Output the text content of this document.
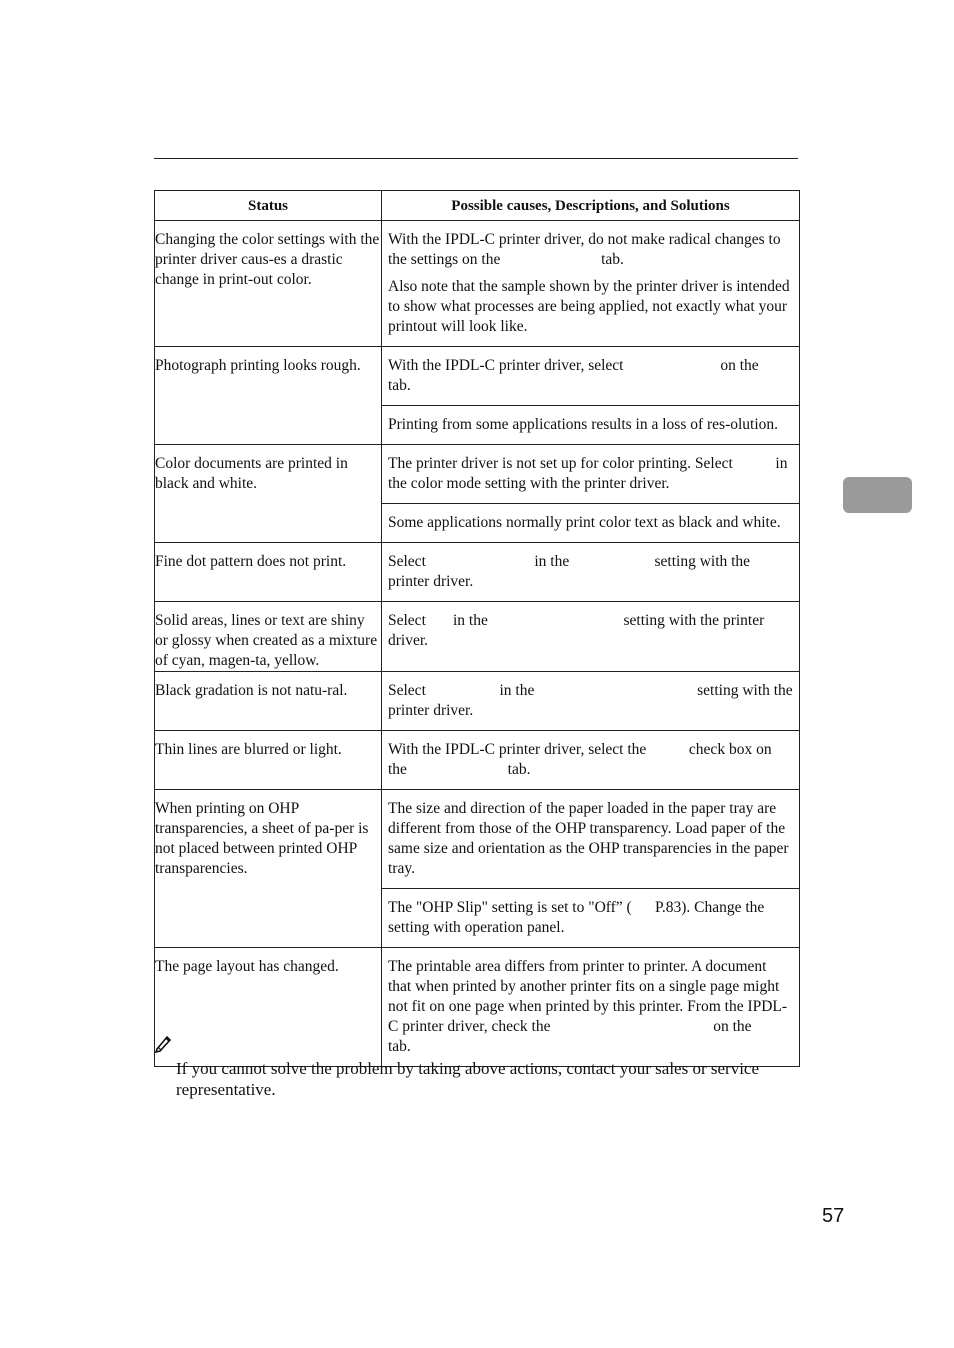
Status	Possible causes, Descriptions, and Solutions

Changing the color settings with the printer driver caus-es a drastic change in print-out color.	With the IPDL-C printer driver, do not make radical changes to the settings on the                          tab.
Also note that the sample shown by the printer driver is intended to show what processes are being applied, not exactly what your printout will look like.

Photograph printing looks rough.	With the IPDL-C printer driver, select                         on the                          tab.
Printing from some applications results in a loss of res-olution.

Color documents are printed in black and white.	The printer driver is not set up for color printing. Select           in the color mode setting with the printer driver.
Some applications normally print color text as black and white.

Fine dot pattern does not print.	Select                            in the                      setting with the printer driver.

Solid areas, lines or text are shiny or glossy when created as a mixture of cyan, magen-ta, yellow.	Select       in the                                   setting with the printer driver.

Black gradation is not natu-ral.	Select                   in the                                          setting with the printer driver.

Thin lines are blurred or light.	With the IPDL-C printer driver, select the           check box on the                          tab.

When printing on OHP transparencies, a sheet of pa-per is not placed between printed OHP transparencies.	The size and direction of the paper loaded in the paper tray are different from those of the OHP transparency. Load paper of the same size and orientation as the OHP transparencies in the paper tray.
The "OHP Slip" setting is set to "Off” (      P.83). Change the setting with operation panel.

The page layout has changed.	The printable area differs from printer to printer. A document that when printed by another printer fits on a single page might not fit on one page when printed by this printer. From the IPDL-C printer driver, check the                                          on the              tab.
If you cannot solve the problem by taking above actions, contact your sales or service representative.
57
